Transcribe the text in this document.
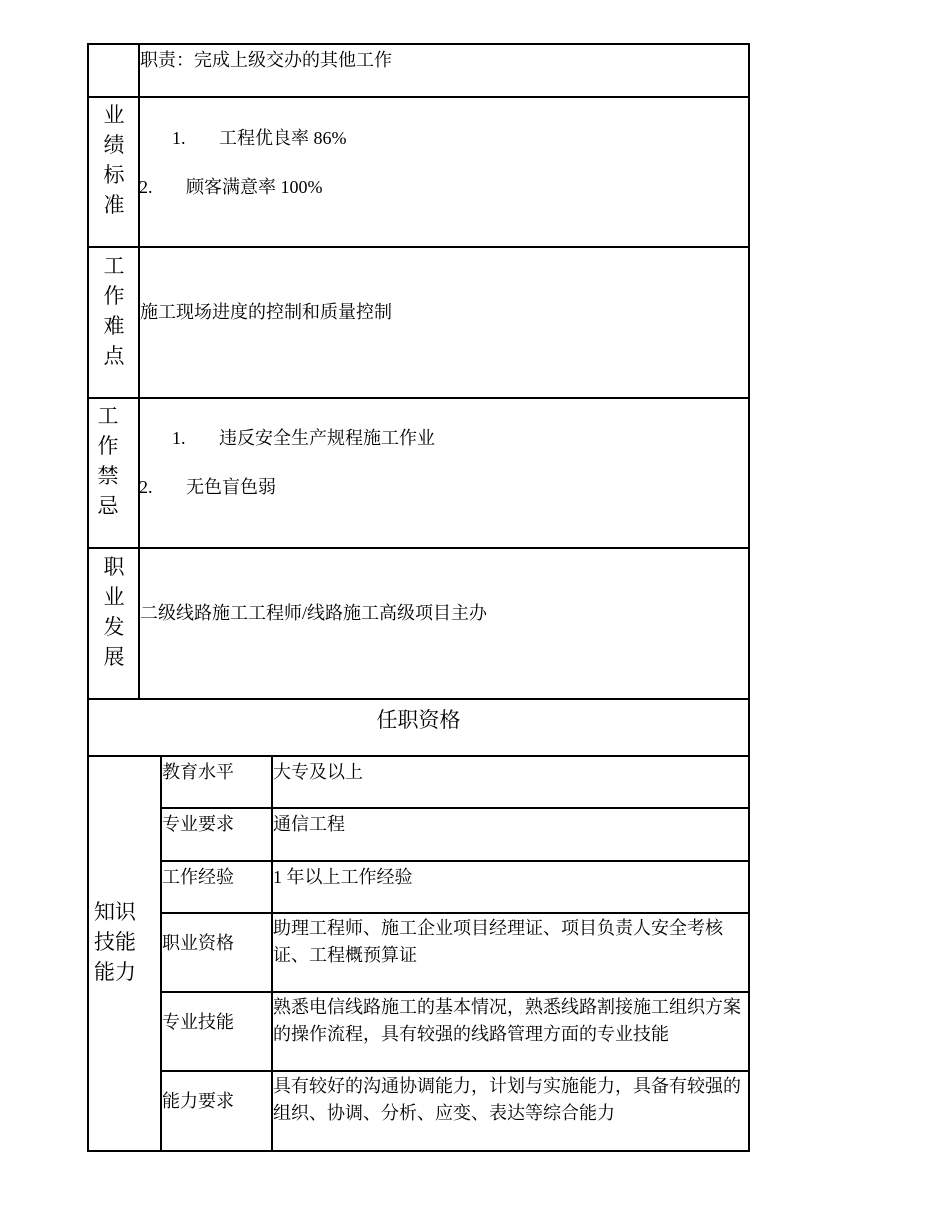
职责：完成上级交办的其他工作
业绩标准
1. 工程优良率 86%
2. 顾客满意率 100%
工作难点
施工现场进度的控制和质量控制
工作禁忌
1. 违反安全生产规程施工作业
2. 无色盲色弱
职业发展
二级线路施工工程师/线路施工高级项目主办
任职资格
知识技能能力
教育水平 大专及以上
专业要求 通信工程
工作经验 1 年以上工作经验
职业资格
助理工程师、施工企业项目经理证、项目负责人安全考核证、工程概预算证
专业技能
熟悉电信线路施工的基本情况，熟悉线路割接施工组织方案的操作流程，具有较强的线路管理方面的专业技能
能力要求
具有较好的沟通协调能力，计划与实施能力，具备有较强的组织、协调、分析、应变、表达等综合能力
